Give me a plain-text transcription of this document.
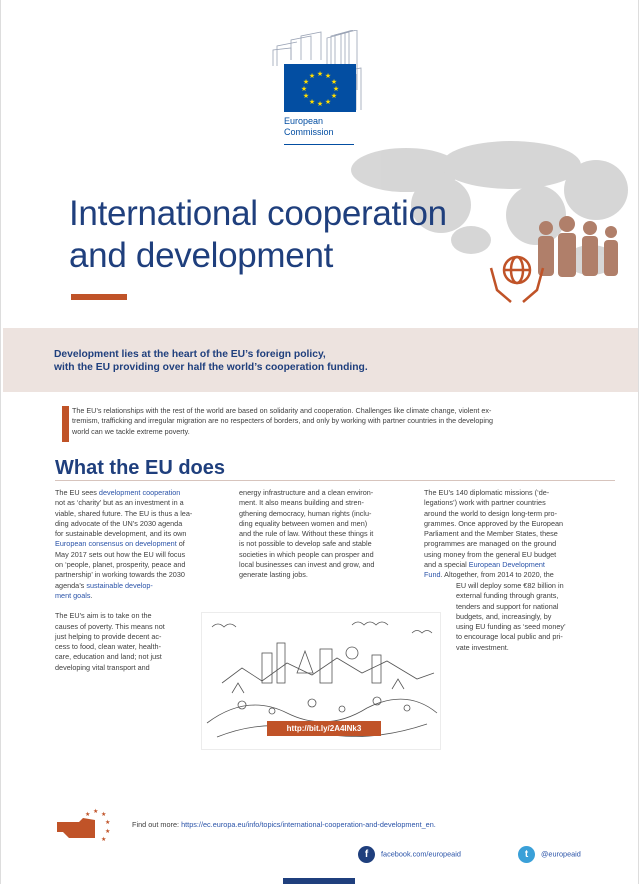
★ ★
★
★
★
★
★
★
★
★
★
★
European
Commission
International cooperation
and development
Development lies at the heart of the EU’s foreign policy,
with the EU providing over half the world’s cooperation funding.
The EU’s relationships with the rest of the world are based on solidarity and cooperation. Challenges like climate change, violent ex-
tremism, trafficking and irregular migration are no respecters of borders, and only by working with partner countries in the developing
world can we tackle extreme poverty.
What the EU does
The EU sees development cooperation
not as ‘charity’ but as an investment in a
viable, shared future. The EU is thus a lea-
ding advocate of the UN’s 2030 agenda
for sustainable development, and its own
European consensus on development of
May 2017 sets out how the EU will focus
on ‘people, planet, prosperity, peace and
partnership’ in working towards the 2030
agenda’s sustainable develop-
ment goals.
The EU’s aim is to take on the
causes of poverty. This means not
just helping to provide decent ac-
cess to food, clean water, health-
care, education and land; not just
developing vital transport and
energy infrastructure and a clean environ-
ment. It also means building and stren-
gthening democracy, human rights (inclu-
ding equality between women and men)
and the rule of law. Without these things it
is not possible to develop safe and stable
societies in which people can prosper and
local businesses can invest and grow, and
generate lasting jobs.
The EU’s 140 diplomatic missions (‘de-
legations’) work with partner countries
around the world to design long-term pro-
grammes. Once approved by the European
Parliament and the Member States, these
programmes are managed on the ground
using money from the general EU budget
and a special European Development
Fund. Altogether, from 2014 to 2020, the
EU will deploy some €82 billion in
external funding through grants,
tenders and support for national
budgets, and, increasingly, by
using EU funding as ‘seed money’
to encourage local public and pri-
vate investment.
http://bit.ly/2A4INk3
★ ★ ★
★
★
★
Find out more: https://ec.europa.eu/info/topics/international-cooperation-and-development_en.
f facebook.com/europeaid	t @europeaid
